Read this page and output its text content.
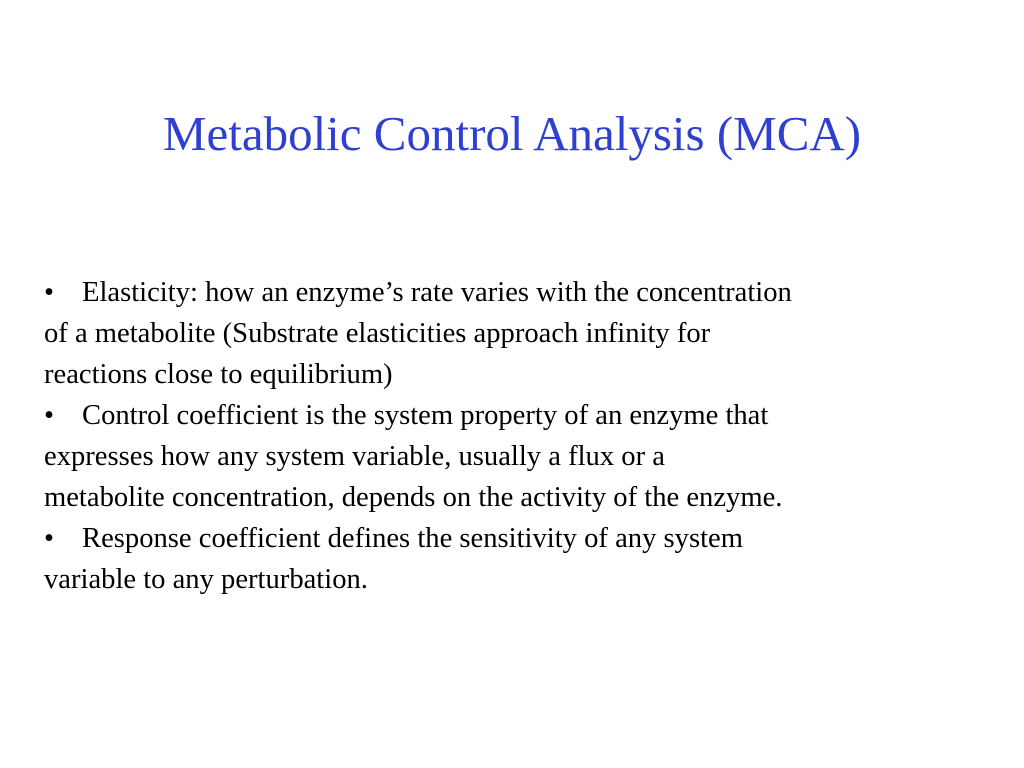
Metabolic Control Analysis (MCA)
• Elasticity: how an enzyme’s rate varies with the concentration
of a metabolite (Substrate elasticities approach infinity for
reactions close to equilibrium)
• Control coefficient is the system property of an enzyme that
expresses how any system variable, usually a flux or a
metabolite concentration, depends on the activity of the enzyme.
• Response coefficient defines the sensitivity of any system
variable to any perturbation.
